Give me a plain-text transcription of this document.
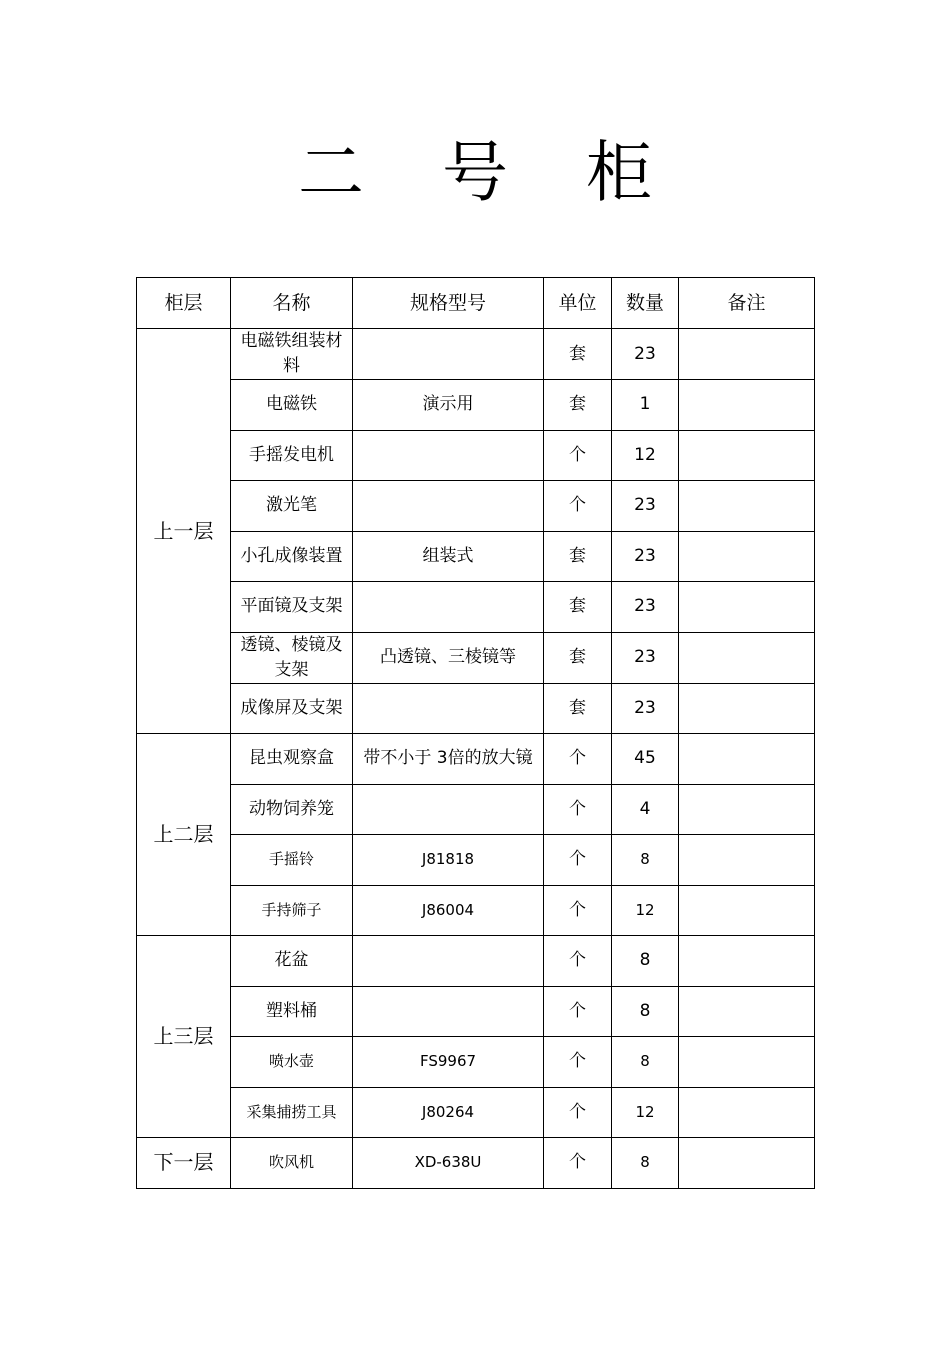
二 号 柜
柜层	名称	规格型号	单位	数量	备注
上一层	电磁铁组装材料		套	23	
	电磁铁	演示用	套	1	
	手摇发电机		个	12	
	激光笔		个	23	
	小孔成像装置	组装式	套	23	
	平面镜及支架		套	23	
	透镜、棱镜及支架	凸透镜、三棱镜等	套	23	
	成像屏及支架		套	23	
上二层	昆虫观察盒	带不小于 3倍的放大镜	个	45	
	动物饲养笼		个	4	
	手摇铃	J81818	个	8	
	手持筛子	J86004	个	12	
上三层	花盆		个	8	
	塑料桶		个	8	
	喷水壶	FS9967	个	8	
	采集捕捞工具	J80264	个	12	
下一层	吹风机	XD-638U	个	8	
